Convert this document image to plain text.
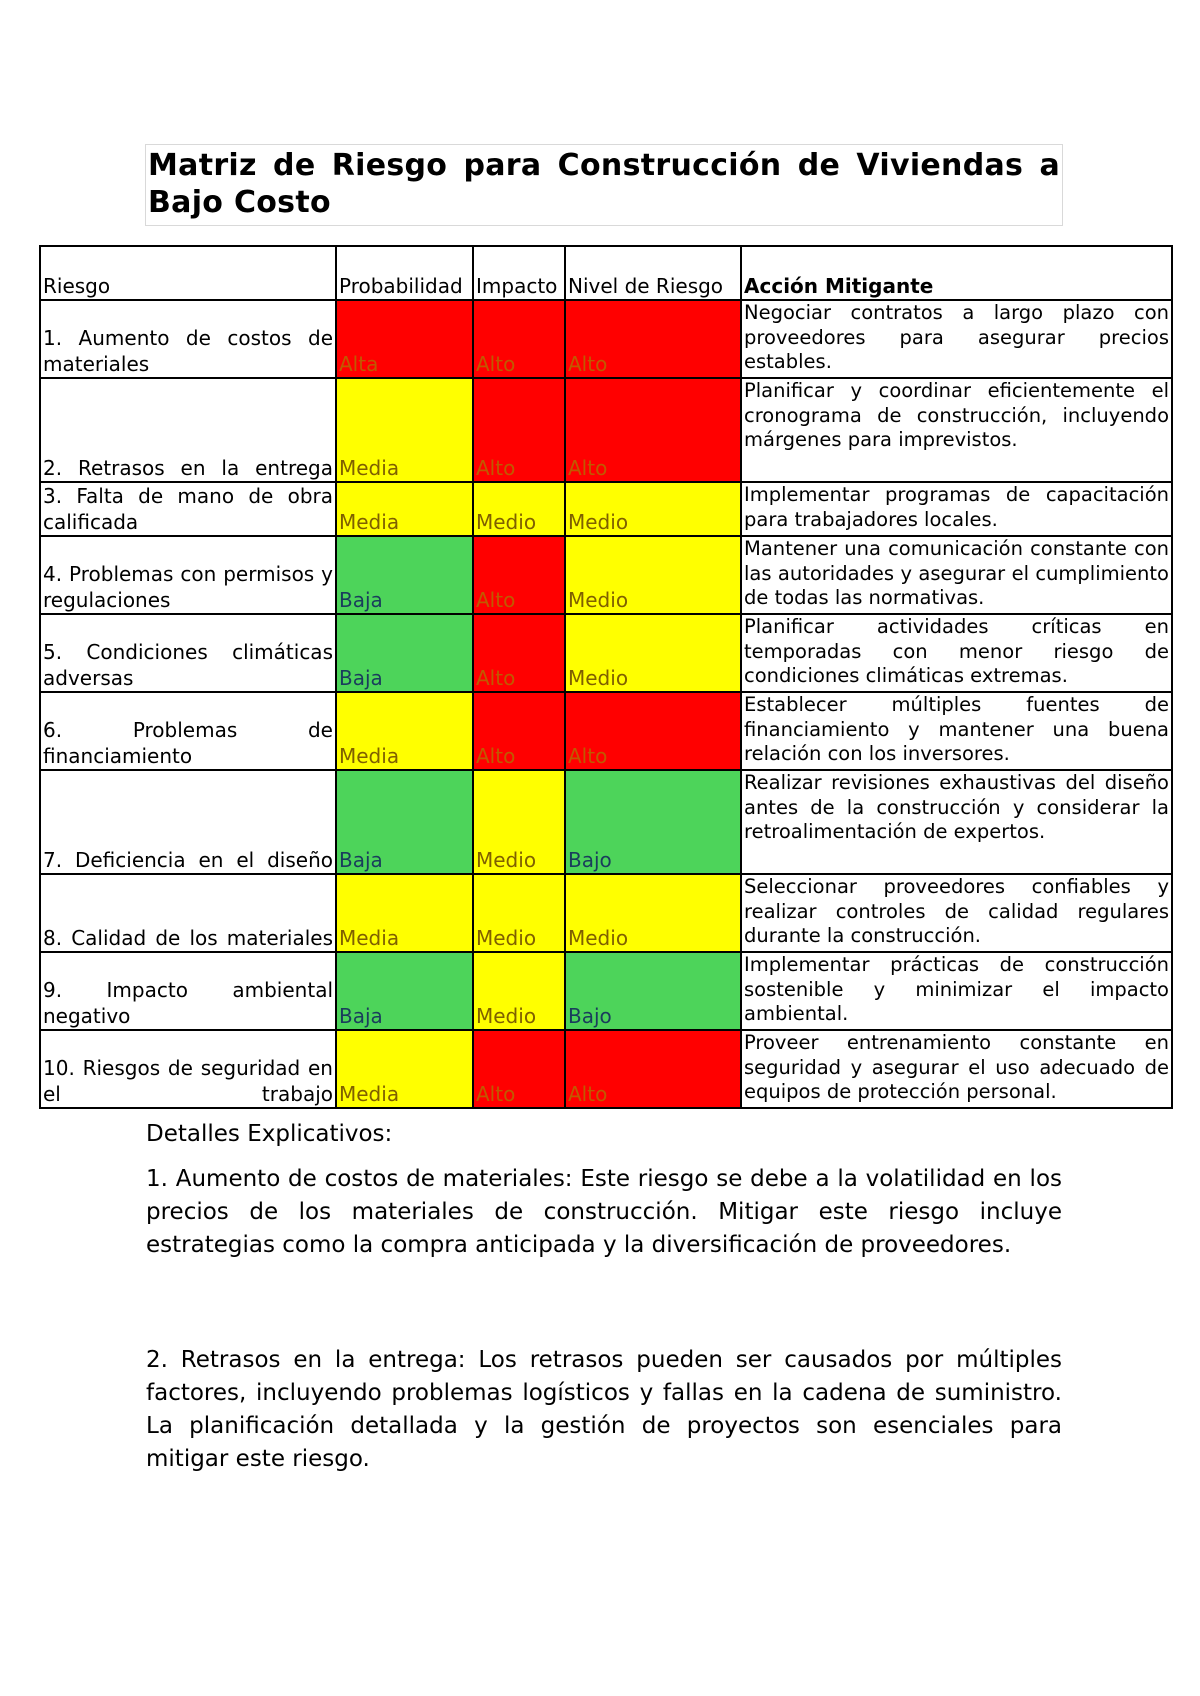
Matriz de Riesgo para Construcción de Viviendas a Bajo Costo
Riesgo	Probabilidad	Impacto	Nivel de Riesgo	Acción Mitigante
1. Aumento de costos de materiales	Alta	Alto	Alto	Negociar contratos a largo plazo con proveedores para asegurar precios estables.
2. Retrasos en la entrega	Media	Alto	Alto	Planificar y coordinar eficientemente el cronograma de construcción, incluyendo márgenes para imprevistos.
3. Falta de mano de obra calificada	Media	Medio	Medio	Implementar programas de capacitación para trabajadores locales.
4. Problemas con permisos y regulaciones	Baja	Alto	Medio	Mantener una comunicación constante con las autoridades y asegurar el cumplimiento de todas las normativas.
5. Condiciones climáticas adversas	Baja	Alto	Medio	Planificar actividades críticas en temporadas con menor riesgo de condiciones climáticas extremas.
6. Problemas de financiamiento	Media	Alto	Alto	Establecer múltiples fuentes de financiamiento y mantener una buena relación con los inversores.
7. Deficiencia en el diseño	Baja	Medio	Bajo	Realizar revisiones exhaustivas del diseño antes de la construcción y considerar la retroalimentación de expertos.
8. Calidad de los materiales	Media	Medio	Medio	Seleccionar proveedores confiables y realizar controles de calidad regulares durante la construcción.
9. Impacto ambiental negativo	Baja	Medio	Bajo	Implementar prácticas de construcción sostenible y minimizar el impacto ambiental.
10. Riesgos de seguridad en el trabajo	Media	Alto	Alto	Proveer entrenamiento constante en seguridad y asegurar el uso adecuado de equipos de protección personal.
Detalles Explicativos:

1. Aumento de costos de materiales: Este riesgo se debe a la volatilidad en los precios de los materiales de construcción. Mitigar este riesgo incluye estrategias como la compra anticipada y la diversificación de proveedores.

2. Retrasos en la entrega: Los retrasos pueden ser causados por múltiples factores, incluyendo problemas logísticos y fallas en la cadena de suministro. La planificación detallada y la gestión de proyectos son esenciales para mitigar este riesgo.
